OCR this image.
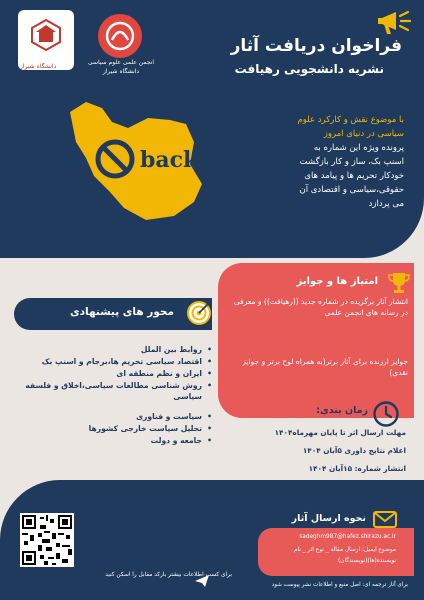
دانشگاه شیراز
انجمن علمی علوم سیاسی
دانشگاه شیراز
فراخوان دریافت آثار
نشریه دانشجویی رهیافت
snap	back
با موضوع نقش و کارکرد علوم
سیاسی در دنیای امروز
پرونده ویژه این شماره به
اسنپ بک، ساز و کار بازگشت
خودکار تحریم ها و پیامد های
حقوقی،سیاسی و اقتصادی آن
می پردازد
امتیاز ها و جوایز
انتشار آثار برگزیده در شماره جدید ((رهیافت)) و معرفی در رسانه های انجمن علمی
جوایز ارزنده برای آثار برتر(به همراه لوح برتر و جوایز نقدی)
محور های پیشنهادی
• روابط بین الملل
• اقتصاد سیاسی تحریم ها،برجام و اسنپ بک
• ایران و نظم منطقه ای
• روش شناسی مطالعات سیاسی،اخلاق و فلسفه سیاسی
• سیاست و فناوری
• تحلیل سیاست خارجی کشورها
• جامعه و دولت
زمان بندی:
مهلت ارسال اثر تا پایان مهرماه۱۴۰۴
اعلام نتایج داوری ۵آبان ۱۴۰۴
انتشار شماره: ۱۵آبان ۱۴۰۴
نحوه ارسال آثار
sadeghm987@hafez.shirazu.ac.ir
موضوع ایمیل: ارسال مقاله _ نوع اثر _ نام
نویسنده(ها)(نویسندگان)
برای آثار ترجمه ای: اصل منبع و اطلاعات نشر پیوست شود
برای کسب اطلاعات بیشتر بارکد مقابل را اسکن کنید
